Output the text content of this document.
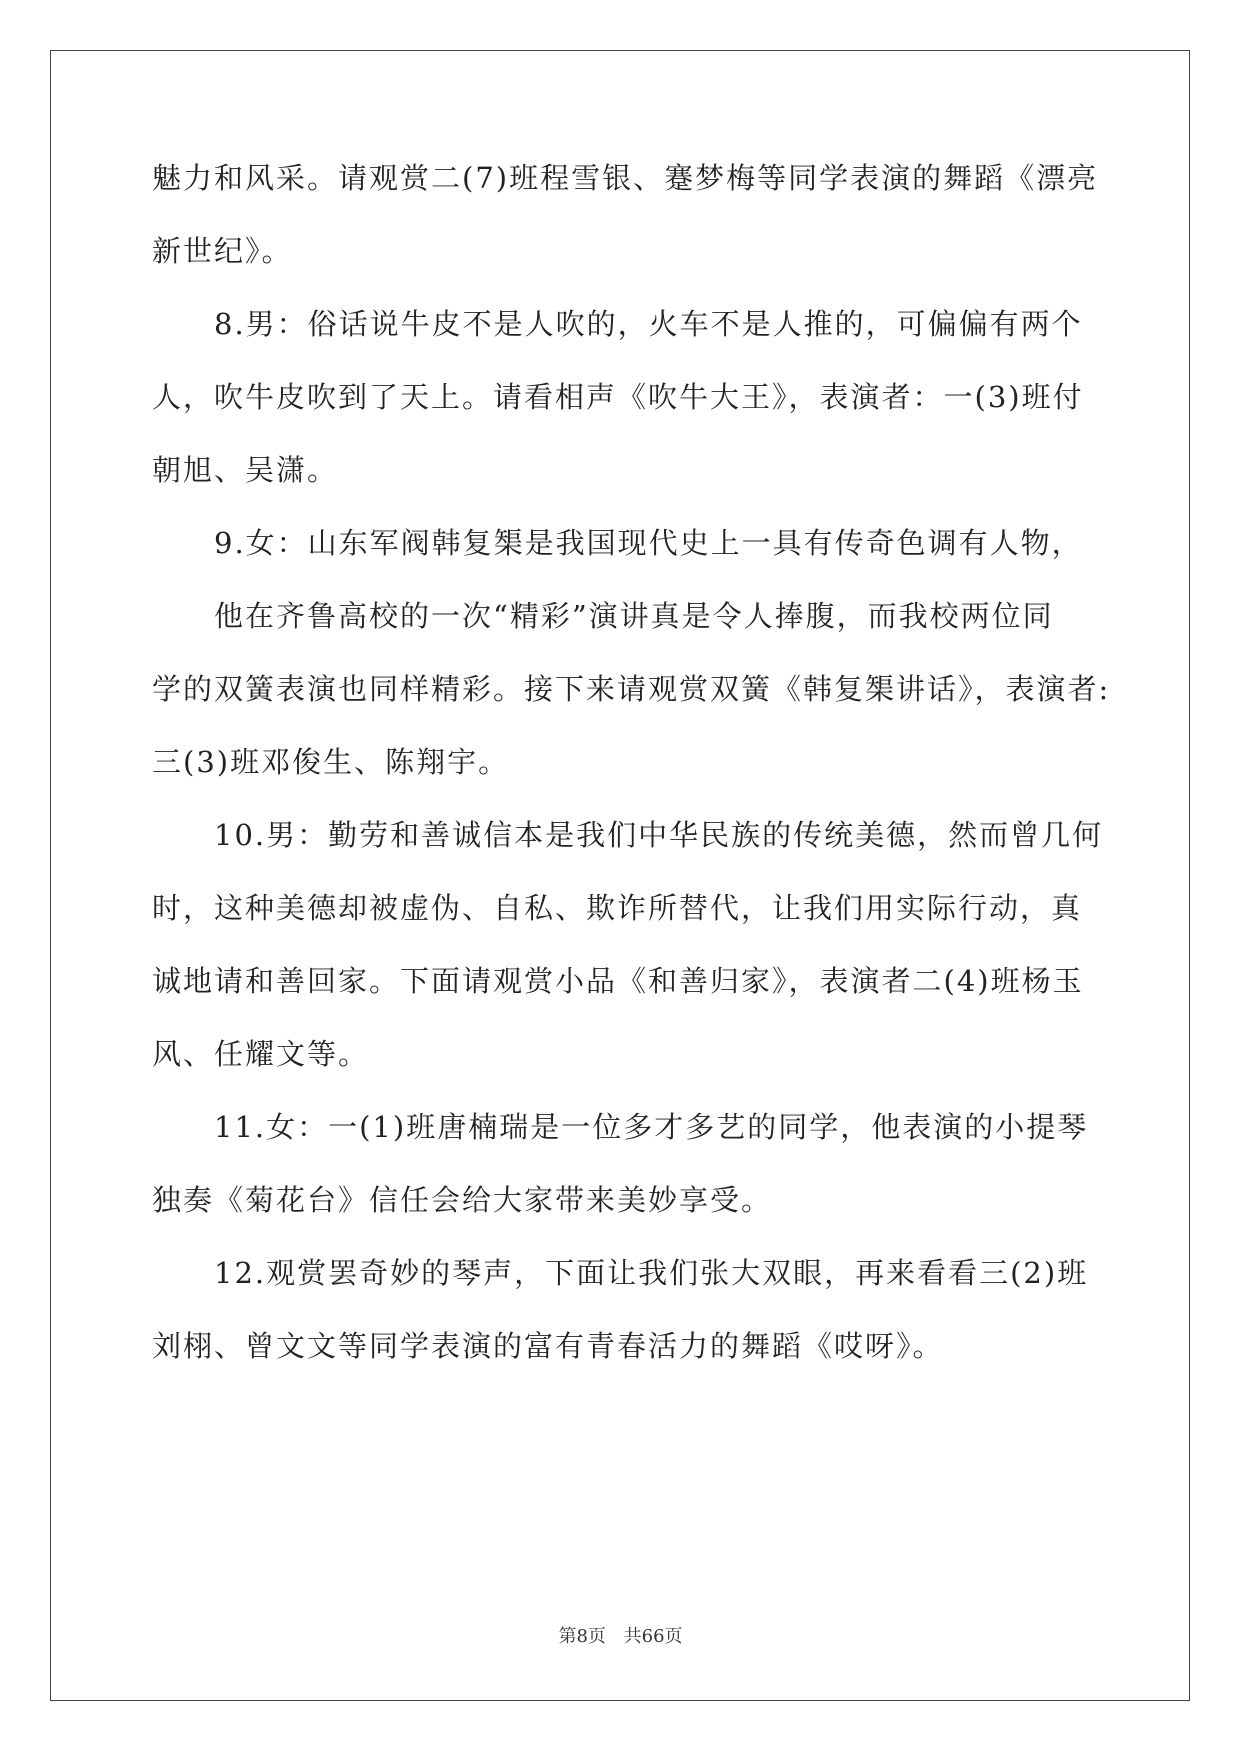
魅力和风采。请观赏二(7)班程雪银、蹇梦梅等同学表演的舞蹈《漂亮
新世纪》。
　　8.男：俗话说牛皮不是人吹的，火车不是人推的，可偏偏有两个
人，吹牛皮吹到了天上。请看相声《吹牛大王》，表演者：一(3)班付
朝旭、吴潇。
　　9.女：山东军阀韩复榘是我国现代史上一具有传奇色调有人物，
　　他在齐鲁高校的一次“精彩”演讲真是令人捧腹，而我校两位同
学的双簧表演也同样精彩。接下来请观赏双簧《韩复榘讲话》，表演者:
三(3)班邓俊生、陈翔宇。
　　10.男：勤劳和善诚信本是我们中华民族的传统美德，然而曾几何
时，这种美德却被虚伪、自私、欺诈所替代，让我们用实际行动，真
诚地请和善回家。下面请观赏小品《和善归家》，表演者二(4)班杨玉
风、任耀文等。
　　11.女：一(1)班唐楠瑞是一位多才多艺的同学，他表演的小提琴
独奏《菊花台》信任会给大家带来美妙享受。
　　12.观赏罢奇妙的琴声，下面让我们张大双眼，再来看看三(2)班
刘栩、曾文文等同学表演的富有青春活力的舞蹈《哎呀》。
第8页 共66页
